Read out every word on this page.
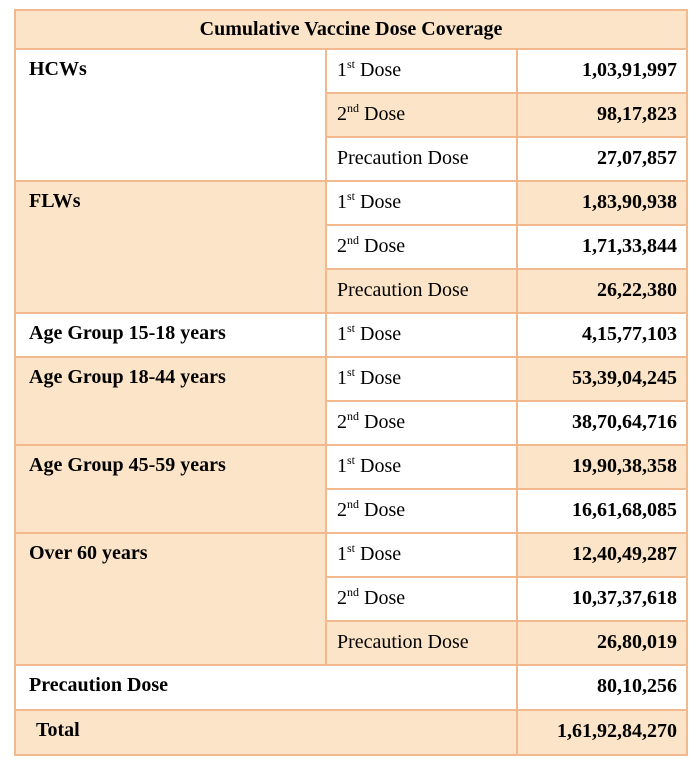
Cumulative Vaccine Dose Coverage		
HCWs	1st Dose	1,03,91,997
	2nd Dose	98,17,823
	Precaution Dose	27,07,857
FLWs	1st Dose	1,83,90,938
	2nd Dose	1,71,33,844
	Precaution Dose	26,22,380
Age Group 15-18 years	1st Dose	4,15,77,103
Age Group 18-44 years	1st Dose	53,39,04,245
	2nd Dose	38,70,64,716
Age Group 45-59 years	1st Dose	19,90,38,358
	2nd Dose	16,61,68,085
Over 60 years	1st Dose	12,40,49,287
	2nd Dose	10,37,37,618
	Precaution Dose	26,80,019
Precaution Dose		80,10,256
Total		1,61,92,84,270
